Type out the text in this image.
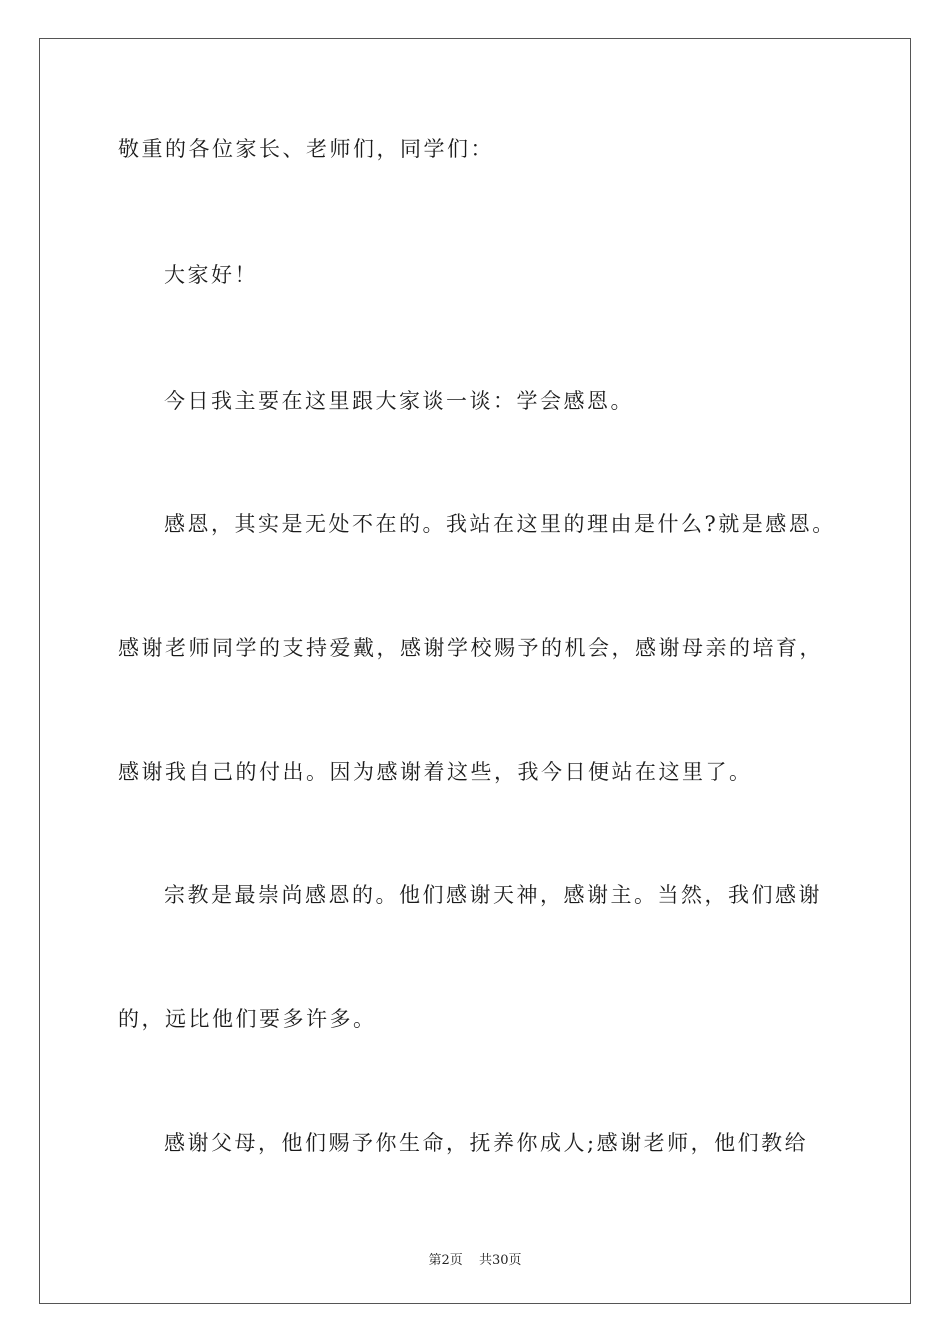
敬重的各位家长、老师们，同学们：
大家好！
今日我主要在这里跟大家谈一谈：学会感恩。
感恩，其实是无处不在的。我站在这里的理由是什么?就是感恩。
感谢老师同学的支持爱戴，感谢学校赐予的机会，感谢母亲的培育，
感谢我自己的付出。因为感谢着这些，我今日便站在这里了。
宗教是最崇尚感恩的。他们感谢天神，感谢主。当然，我们感谢
的，远比他们要多许多。
感谢父母，他们赐予你生命，抚养你成人;感谢老师，他们教给
第2页 共30页
